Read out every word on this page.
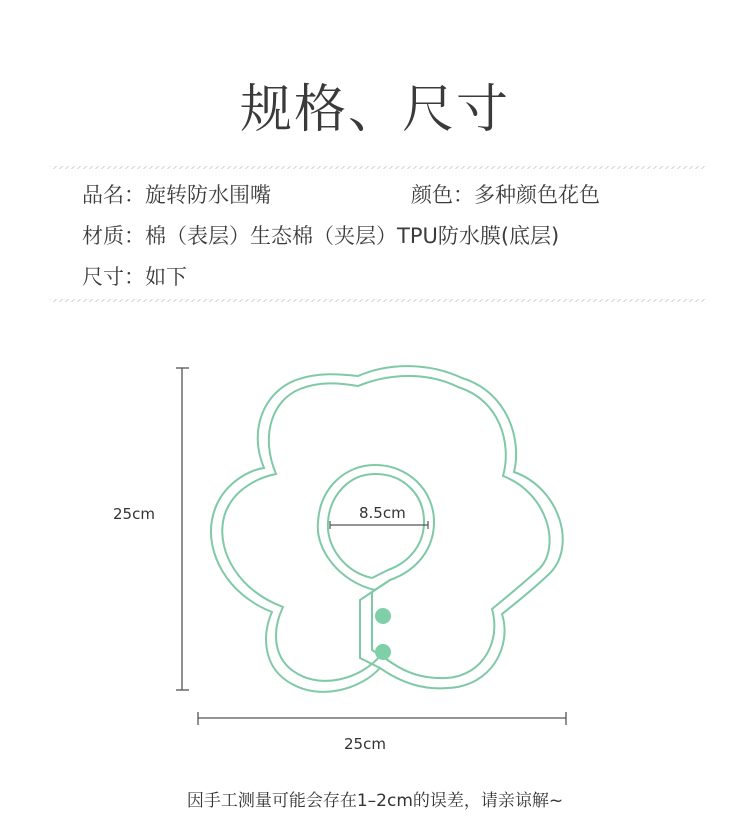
规格、尺寸
品名：旋转防水围嘴	颜色：多种颜色花色
材质：棉（表层）生态棉（夹层）TPU防水膜(底层)
尺寸：如下
25cm
25cm
8.5cm
因手工测量可能会存在1–2cm的误差，请亲谅解~
